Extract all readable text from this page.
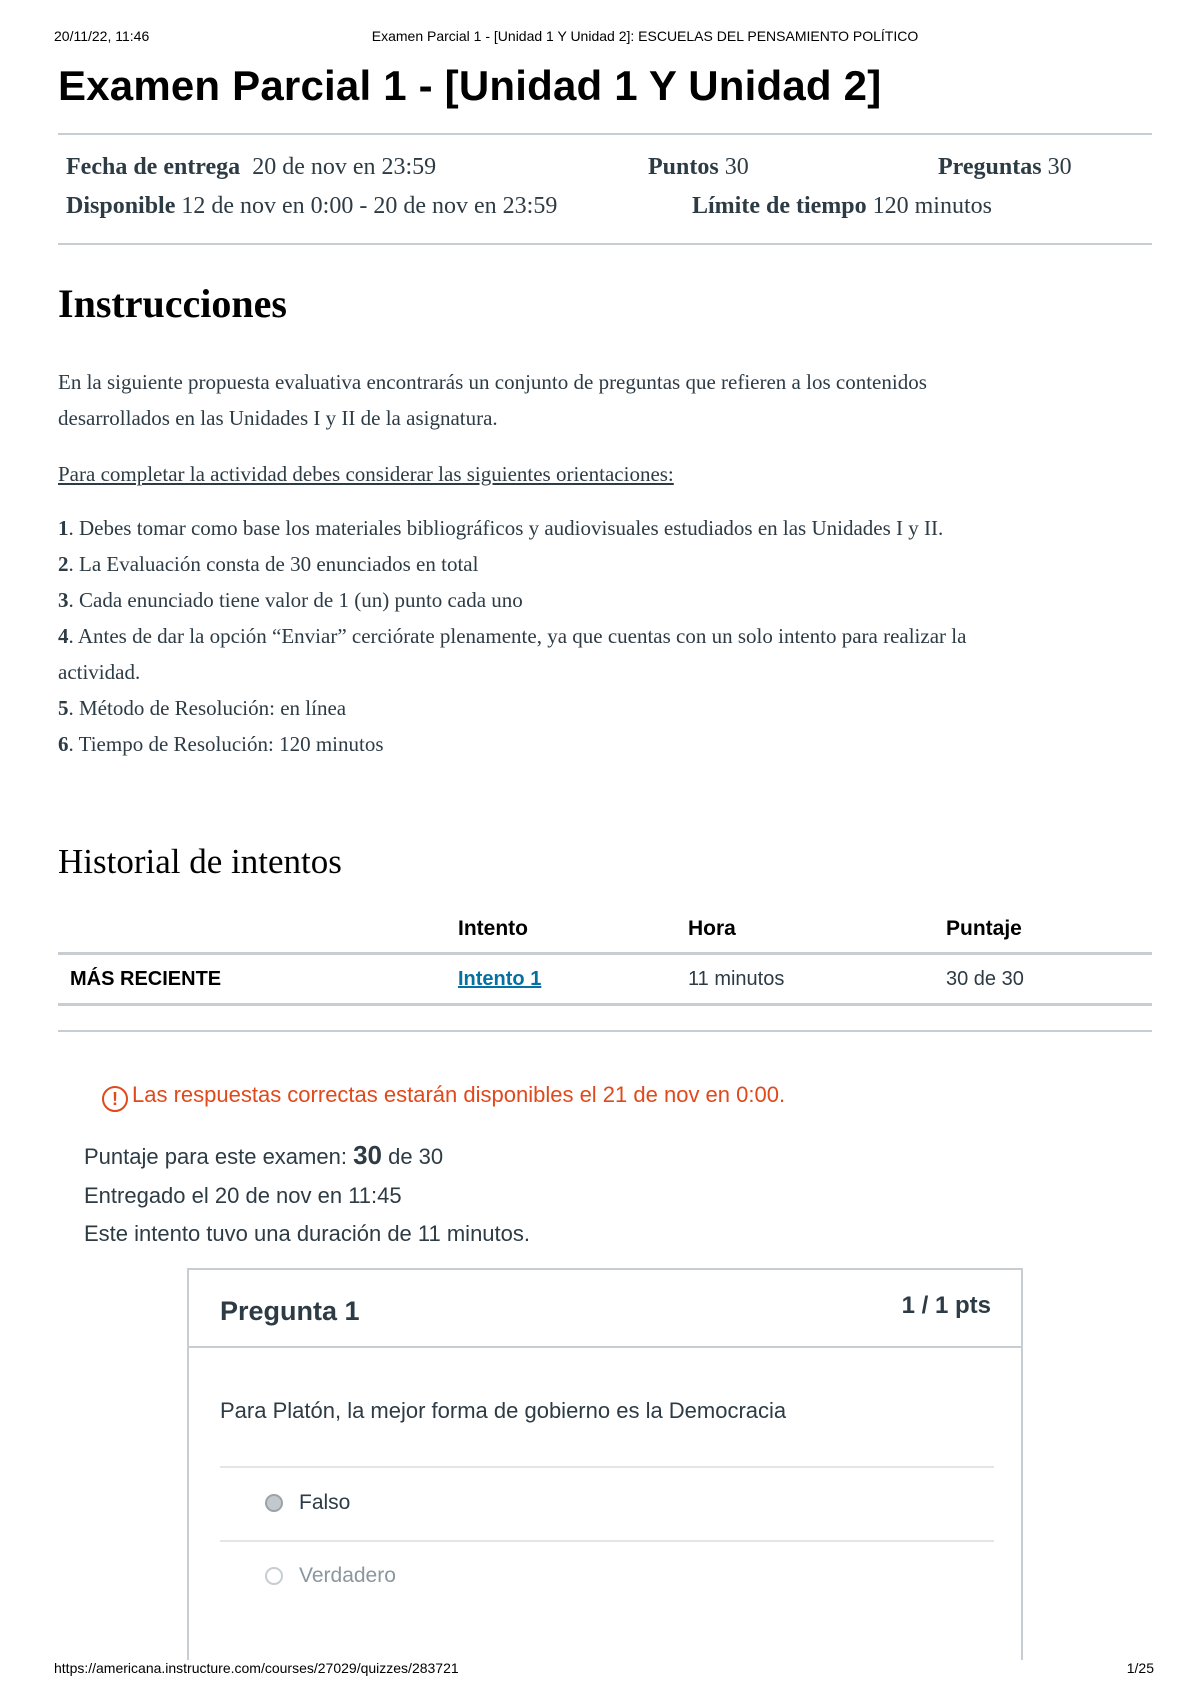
20/11/22, 11:46	Examen Parcial 1 - [Unidad 1 Y Unidad 2]: ESCUELAS DEL PENSAMIENTO POLÍTICO
Examen Parcial 1 - [Unidad 1 Y Unidad 2]
Fecha de entrega 20 de nov en 23:59	Puntos 30	Preguntas 30
Disponible 12 de nov en 0:00 - 20 de nov en 23:59	Límite de tiempo 120 minutos
Instrucciones
En la siguiente propuesta evaluativa encontrarás un conjunto de preguntas que refieren a los contenidos
desarrollados en las Unidades I y II de la asignatura.
Para completar la actividad debes considerar las siguientes orientaciones:
1. Debes tomar como base los materiales bibliográficos y audiovisuales estudiados en las Unidades I y II.
2. La Evaluación consta de 30 enunciados en total
3. Cada enunciado tiene valor de 1 (un) punto cada uno
4. Antes de dar la opción “Enviar” cerciórate plenamente, ya que cuentas con un solo intento para realizar la
actividad.
5. Método de Resolución: en línea
6. Tiempo de Resolución: 120 minutos
Historial de intentos
	Intento	Hora	Puntaje
MÁS RECIENTE	Intento 1	11 minutos	30 de 30
! Las respuestas correctas estarán disponibles el 21 de nov en 0:00.
Puntaje para este examen: 30 de 30
Entregado el 20 de nov en 11:45
Este intento tuvo una duración de 11 minutos.
Pregunta 1	1 / 1 pts
Para Platón, la mejor forma de gobierno es la Democracia
Falso
Verdadero
https://americana.instructure.com/courses/27029/quizzes/283721	1/25
